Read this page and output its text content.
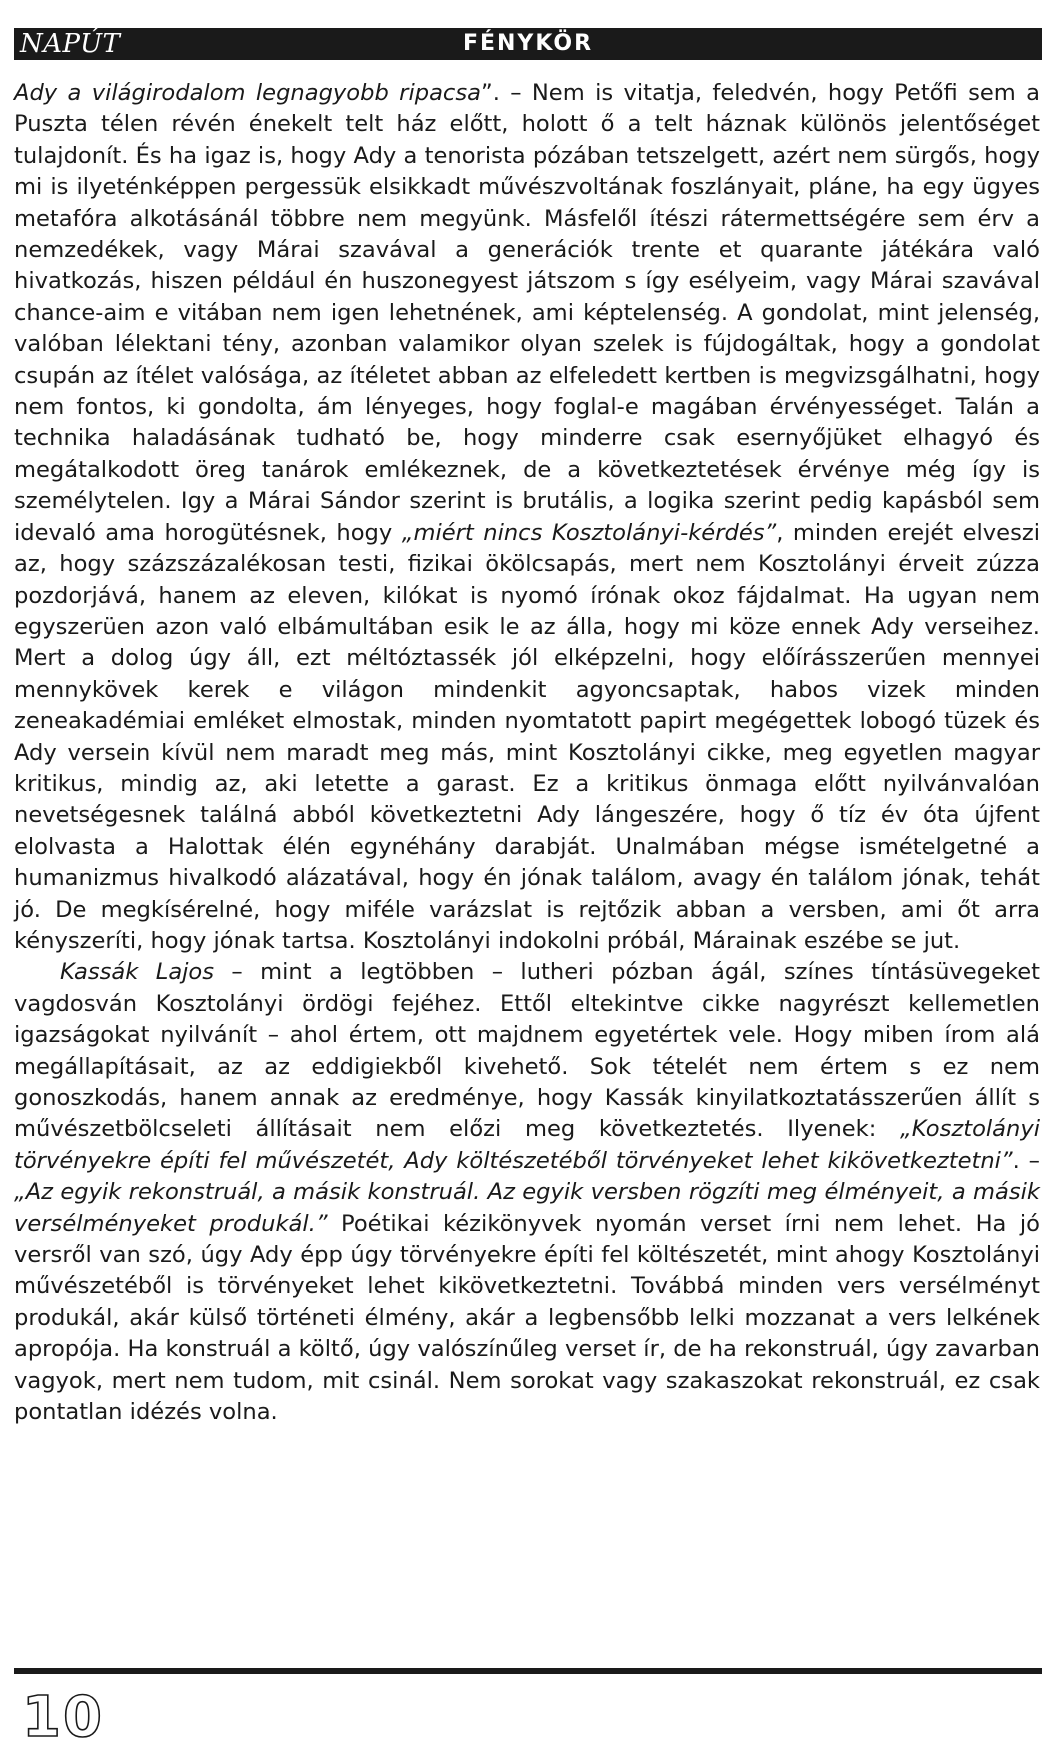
NAPÚT	FÉNYKÖR

Ady a világirodalom legnagyobb ripacsa”. – Nem is vitatja, feledvén, hogy Petőfi sem a Puszta télen révén énekelt telt ház előtt, holott ő a telt háznak különös jelentőséget tulajdonít. És ha igaz is, hogy Ady a tenorista pózában tetszelgett, azért nem sürgős, hogy mi is ilyeténképpen pergessük elsikkadt művészvoltának foszlányait, pláne, ha egy ügyes metafóra alkotásánál többre nem megyünk. Másfelől ítészi rátermettségére sem érv a nemzedékek, vagy Márai szavával a generációk trente et quarante játékára való hivatkozás, hiszen például én huszonegyest játszom s így esélyeim, vagy Márai szavával chance-aim e vitában nem igen lehetnének, ami képtelenség. A gondolat, mint jelenség, valóban lélektani tény, azonban valamikor olyan szelek is fújdogáltak, hogy a gondolat csupán az ítélet valósága, az ítéletet abban az elfeledett kertben is megvizsgálhatni, hogy nem fontos, ki gondolta, ám lényeges, hogy foglal-e magában érvényességet. Talán a technika haladásának tudható be, hogy minderre csak esernyőjüket elhagyó és megátalkodott öreg tanárok emlékeznek, de a következtetések érvénye még így is személytelen. Igy a Márai Sándor szerint is brutális, a logika szerint pedig kapásból sem idevaló ama horogütésnek, hogy „miért nincs Kosztolányi-kérdés”, minden erejét elveszi az, hogy százszázalékosan testi, fizikai ökölcsapás, mert nem Kosztolányi érveit zúzza pozdorjává, hanem az eleven, kilókat is nyomó írónak okoz fájdalmat. Ha ugyan nem egyszerüen azon való elbámultában esik le az álla, hogy mi köze ennek Ady verseihez. Mert a dolog úgy áll, ezt méltóztassék jól elképzelni, hogy előírásszerűen mennyei mennykövek kerek e világon mindenkit agyoncsaptak, habos vizek minden zeneakadémiai emléket elmostak, minden nyomtatott papirt megégettek lobogó tüzek és Ady versein kívül nem maradt meg más, mint Kosztolányi cikke, meg egyetlen magyar kritikus, mindig az, aki letette a garast. Ez a kritikus önmaga előtt nyilvánvalóan nevetségesnek találná abból következtetni Ady lángeszére, hogy ő tíz év óta újfent elolvasta a Halottak élén egynéhány darabját. Unalmában mégse ismételgetné a humanizmus hivalkodó alázatával, hogy én jónak találom, avagy én találom jónak, tehát jó. De megkísérelné, hogy miféle varázslat is rejtőzik abban a versben, ami őt arra kényszeríti, hogy jónak tartsa. Kosztolányi indokolni próbál, Márainak eszébe se jut.

Kassák Lajos – mint a legtöbben – lutheri pózban ágál, színes tíntásüvegeket vagdosván Kosztolányi ördögi fejéhez. Ettől eltekintve cikke nagyrészt kellemetlen igazságokat nyilvánít – ahol értem, ott majdnem egyetértek vele. Hogy miben írom alá megállapításait, az az eddigiekből kivehető. Sok tételét nem értem s ez nem gonoszkodás, hanem annak az eredménye, hogy Kassák kinyilatkoztatásszerűen állít s művészetbölcseleti állításait nem előzi meg következtetés. Ilyenek: „Kosztolányi törvényekre építi fel művészetét, Ady költészetéből törvényeket lehet kikövetkeztetni”. – „Az egyik rekonstruál, a másik konstruál. Az egyik versben rögzíti meg élményeit, a másik versélményeket produkál.” Poétikai kézikönyvek nyomán verset írni nem lehet. Ha jó versről van szó, úgy Ady épp úgy törvényekre építi fel költészetét, mint ahogy Kosztolányi művészetéből is törvényeket lehet kikövetkeztetni. Továbbá minden vers versélményt produkál, akár külső történeti élmény, akár a legbensőbb lelki mozzanat a vers lelkének apropója. Ha konstruál a költő, úgy valószínűleg verset ír, de ha rekonstruál, úgy zavarban vagyok, mert nem tudom, mit csinál. Nem sorokat vagy szakaszokat rekonstruál, ez csak pontatlan idézés volna.

10
